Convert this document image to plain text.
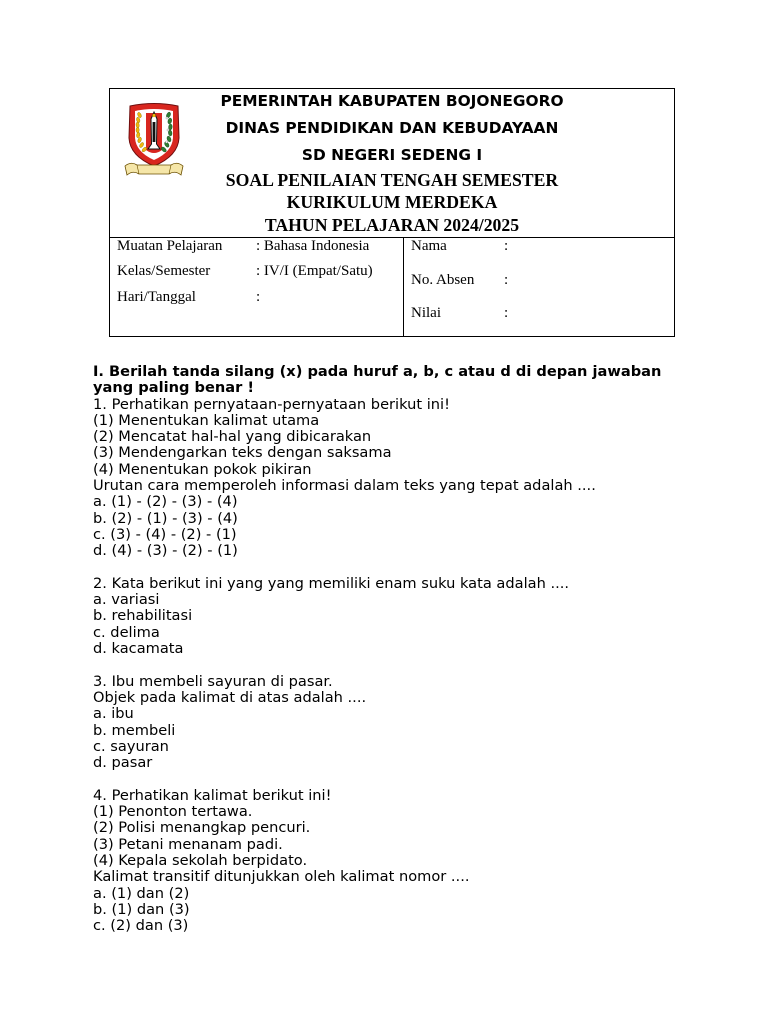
PEMERINTAH KABUPATEN BOJONEGORO
DINAS PENDIDIKAN DAN KEBUDAYAAN
SD NEGERI SEDENG I
SOAL PENILAIAN TENGAH SEMESTER
KURIKULUM MERDEKA
TAHUN PELAJARAN 2024/2025
Muatan Pelajaran : Bahasa Indonesia
Kelas/Semester	: IV/I (Empat/Satu)
Hari/Tanggal	:
Nama	:
No. Absen :
Nilai	:
I. Berilah tanda silang (x) pada huruf a, b, c atau d di depan jawaban
yang paling benar !
1. Perhatikan pernyataan-pernyataan berikut ini!
(1) Menentukan kalimat utama
(2) Mencatat hal-hal yang dibicarakan
(3) Mendengarkan teks dengan saksama
(4) Menentukan pokok pikiran
Urutan cara memperoleh informasi dalam teks yang tepat adalah ....
a. (1) - (2) - (3) - (4)
b. (2) - (1) - (3) - (4)
c. (3) - (4) - (2) - (1)
d. (4) - (3) - (2) - (1)
2. Kata berikut ini yang yang memiliki enam suku kata adalah ....
a. variasi
b. rehabilitasi
c. delima
d. kacamata
3. Ibu membeli sayuran di pasar.
Objek pada kalimat di atas adalah ....
a. ibu
b. membeli
c. sayuran
d. pasar
4. Perhatikan kalimat berikut ini!
(1) Penonton tertawa.
(2) Polisi menangkap pencuri.
(3) Petani menanam padi.
(4) Kepala sekolah berpidato.
Kalimat transitif ditunjukkan oleh kalimat nomor ....
a. (1) dan (2)
b. (1) dan (3)
c. (2) dan (3)
